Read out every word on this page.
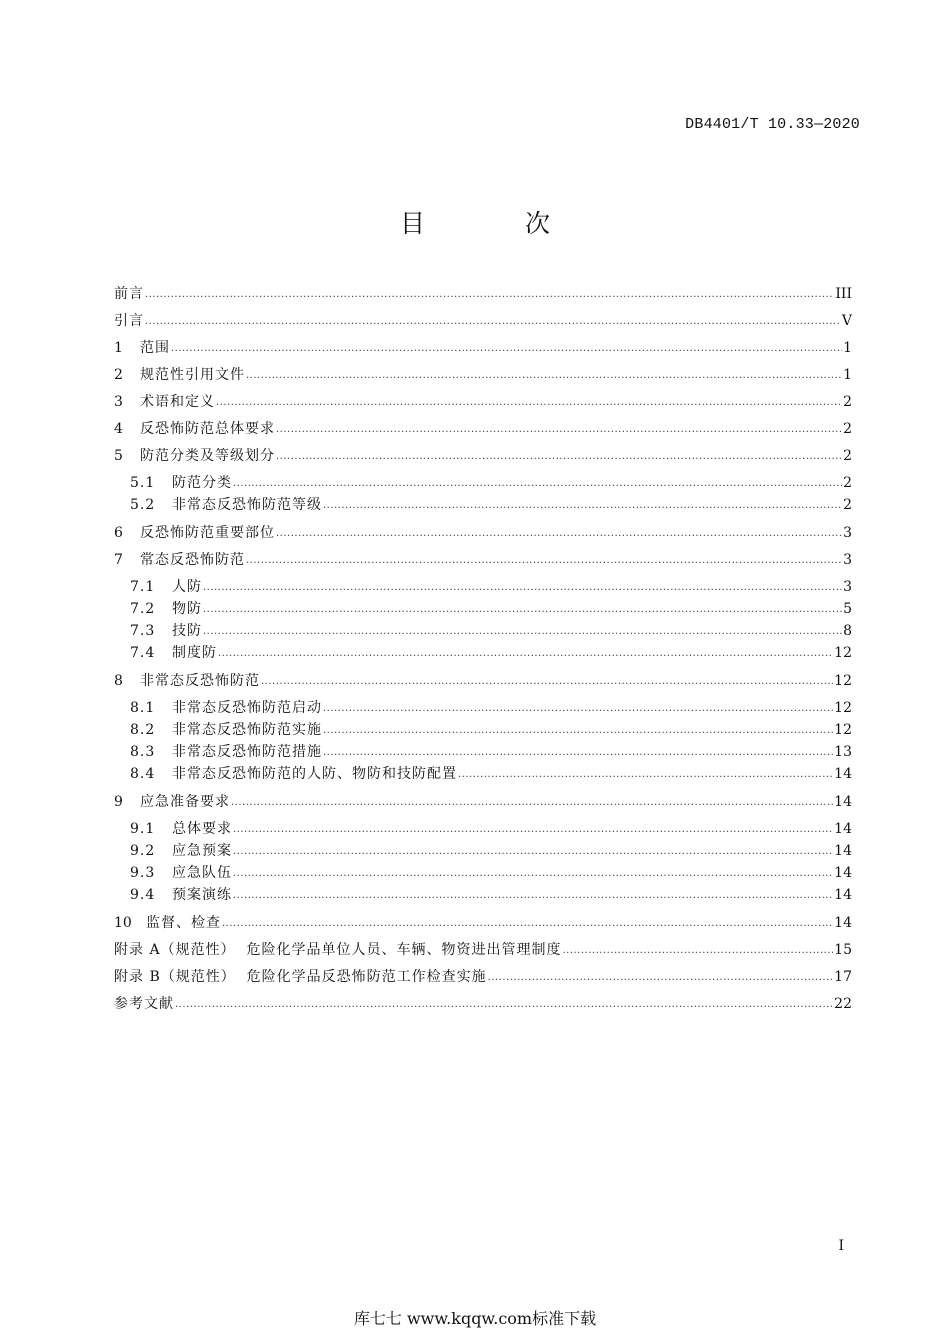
DB4401/T 10.33—2020
目 次
前言 .....	III
引言 .....	V
1	范围 .....	1
2	规范性引用文件 .....	1
3	术语和定义 .....	2
4	反恐怖防范总体要求 .....	2
5	防范分类及等级划分 .....	2
5.1	防范分类 .....	2
5.2	非常态反恐怖防范等级 .....	2
6	反恐怖防范重要部位 .....	3
7	常态反恐怖防范 .....	3
7.1	人防 .....	3
7.2	物防 .....	5
7.3	技防 .....	8
7.4	制度防 .....	12
8	非常态反恐怖防范 .....	12
8.1	非常态反恐怖防范启动 .....	12
8.2	非常态反恐怖防范实施 .....	12
8.3	非常态反恐怖防范措施 .....	13
8.4	非常态反恐怖防范的人防、物防和技防配置 .....	14
9	应急准备要求 .....	14
9.1	总体要求 .....	14
9.2	应急预案 .....	14
9.3	应急队伍 .....	14
9.4	预案演练 .....	14
10	监督、检查 .....	14
附录 A（规范性）  危险化学品单位人员、车辆、物资进出管理制度 .....	15
附录 B（规范性）  危险化学品反恐怖防范工作检查实施 .....	17
参考文献 .....	22
I
库七七 www.kqqw.com标准下载
